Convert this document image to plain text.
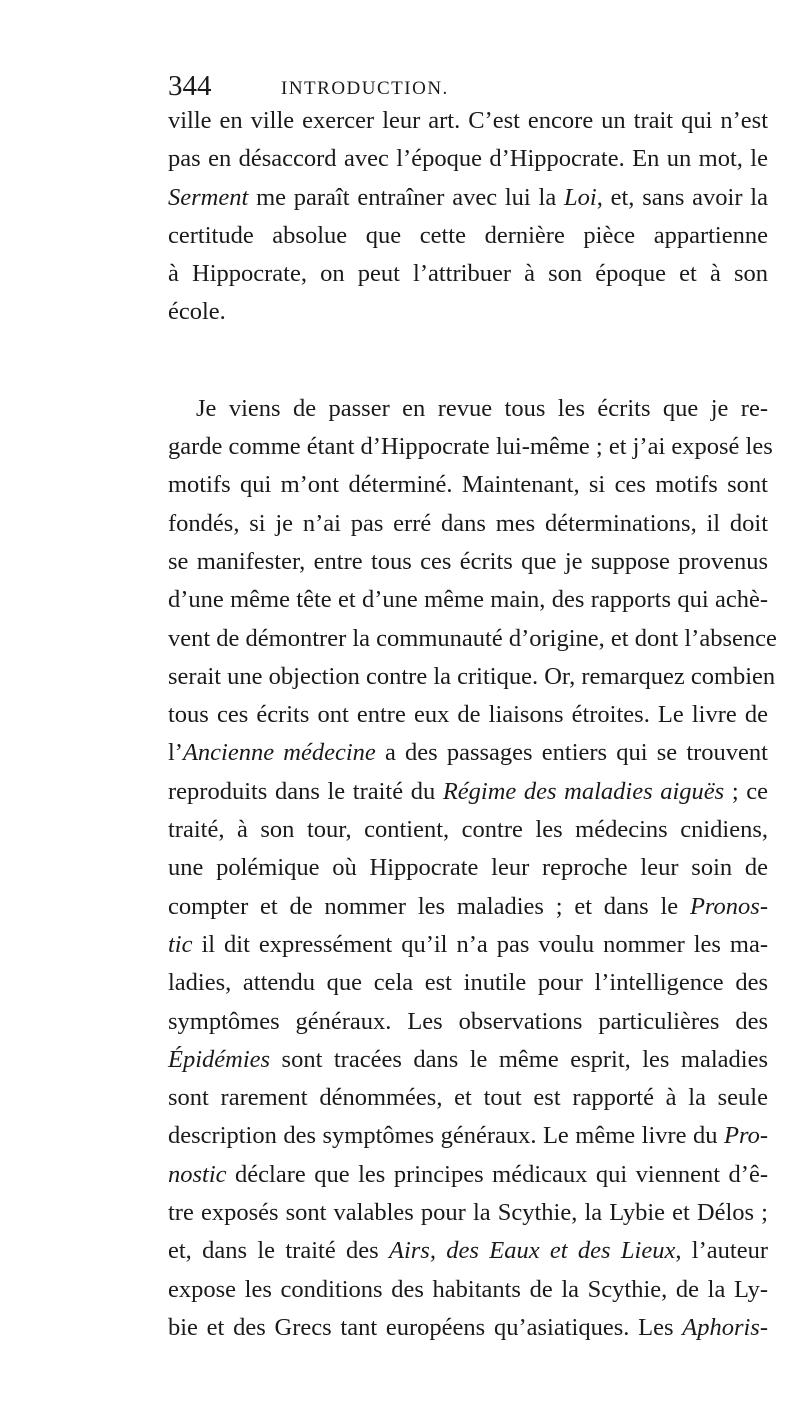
344	INTRODUCTION.
ville en ville exercer leur art. C’est encore un trait qui n’est
pas en désaccord avec l’époque d’Hippocrate. En un mot, le
Serment me paraît entraîner avec lui la Loi, et, sans avoir la
certitude absolue que cette dernière pièce appartienne
à Hippocrate, on peut l’attribuer à son époque et à son
école.
Je viens de passer en revue tous les écrits que je re-
garde comme étant d’Hippocrate lui-même ; et j’ai exposé les
motifs qui m’ont déterminé. Maintenant, si ces motifs sont
fondés, si je n’ai pas erré dans mes déterminations, il doit
se manifester, entre tous ces écrits que je suppose provenus
d’une même tête et d’une même main, des rapports qui achè-
vent de démontrer la communauté d’origine, et dont l’absence
serait une objection contre la critique. Or, remarquez combien
tous ces écrits ont entre eux de liaisons étroites. Le livre de
l’Ancienne médecine a des passages entiers qui se trouvent
reproduits dans le traité du Régime des maladies aiguës ; ce
traité, à son tour, contient, contre les médecins cnidiens,
une polémique où Hippocrate leur reproche leur soin de
compter et de nommer les maladies ; et dans le Pronos-
tic il dit expressément qu’il n’a pas voulu nommer les ma-
ladies, attendu que cela est inutile pour l’intelligence des
symptômes généraux. Les observations particulières des
Épidémies sont tracées dans le même esprit, les maladies
sont rarement dénommées, et tout est rapporté à la seule
description des symptômes généraux. Le même livre du Pro-
nostic déclare que les principes médicaux qui viennent d’ê-
tre exposés sont valables pour la Scythie, la Lybie et Délos ;
et, dans le traité des Airs, des Eaux et des Lieux, l’auteur
expose les conditions des habitants de la Scythie, de la Ly-
bie et des Grecs tant européens qu’asiatiques. Les Aphoris-
